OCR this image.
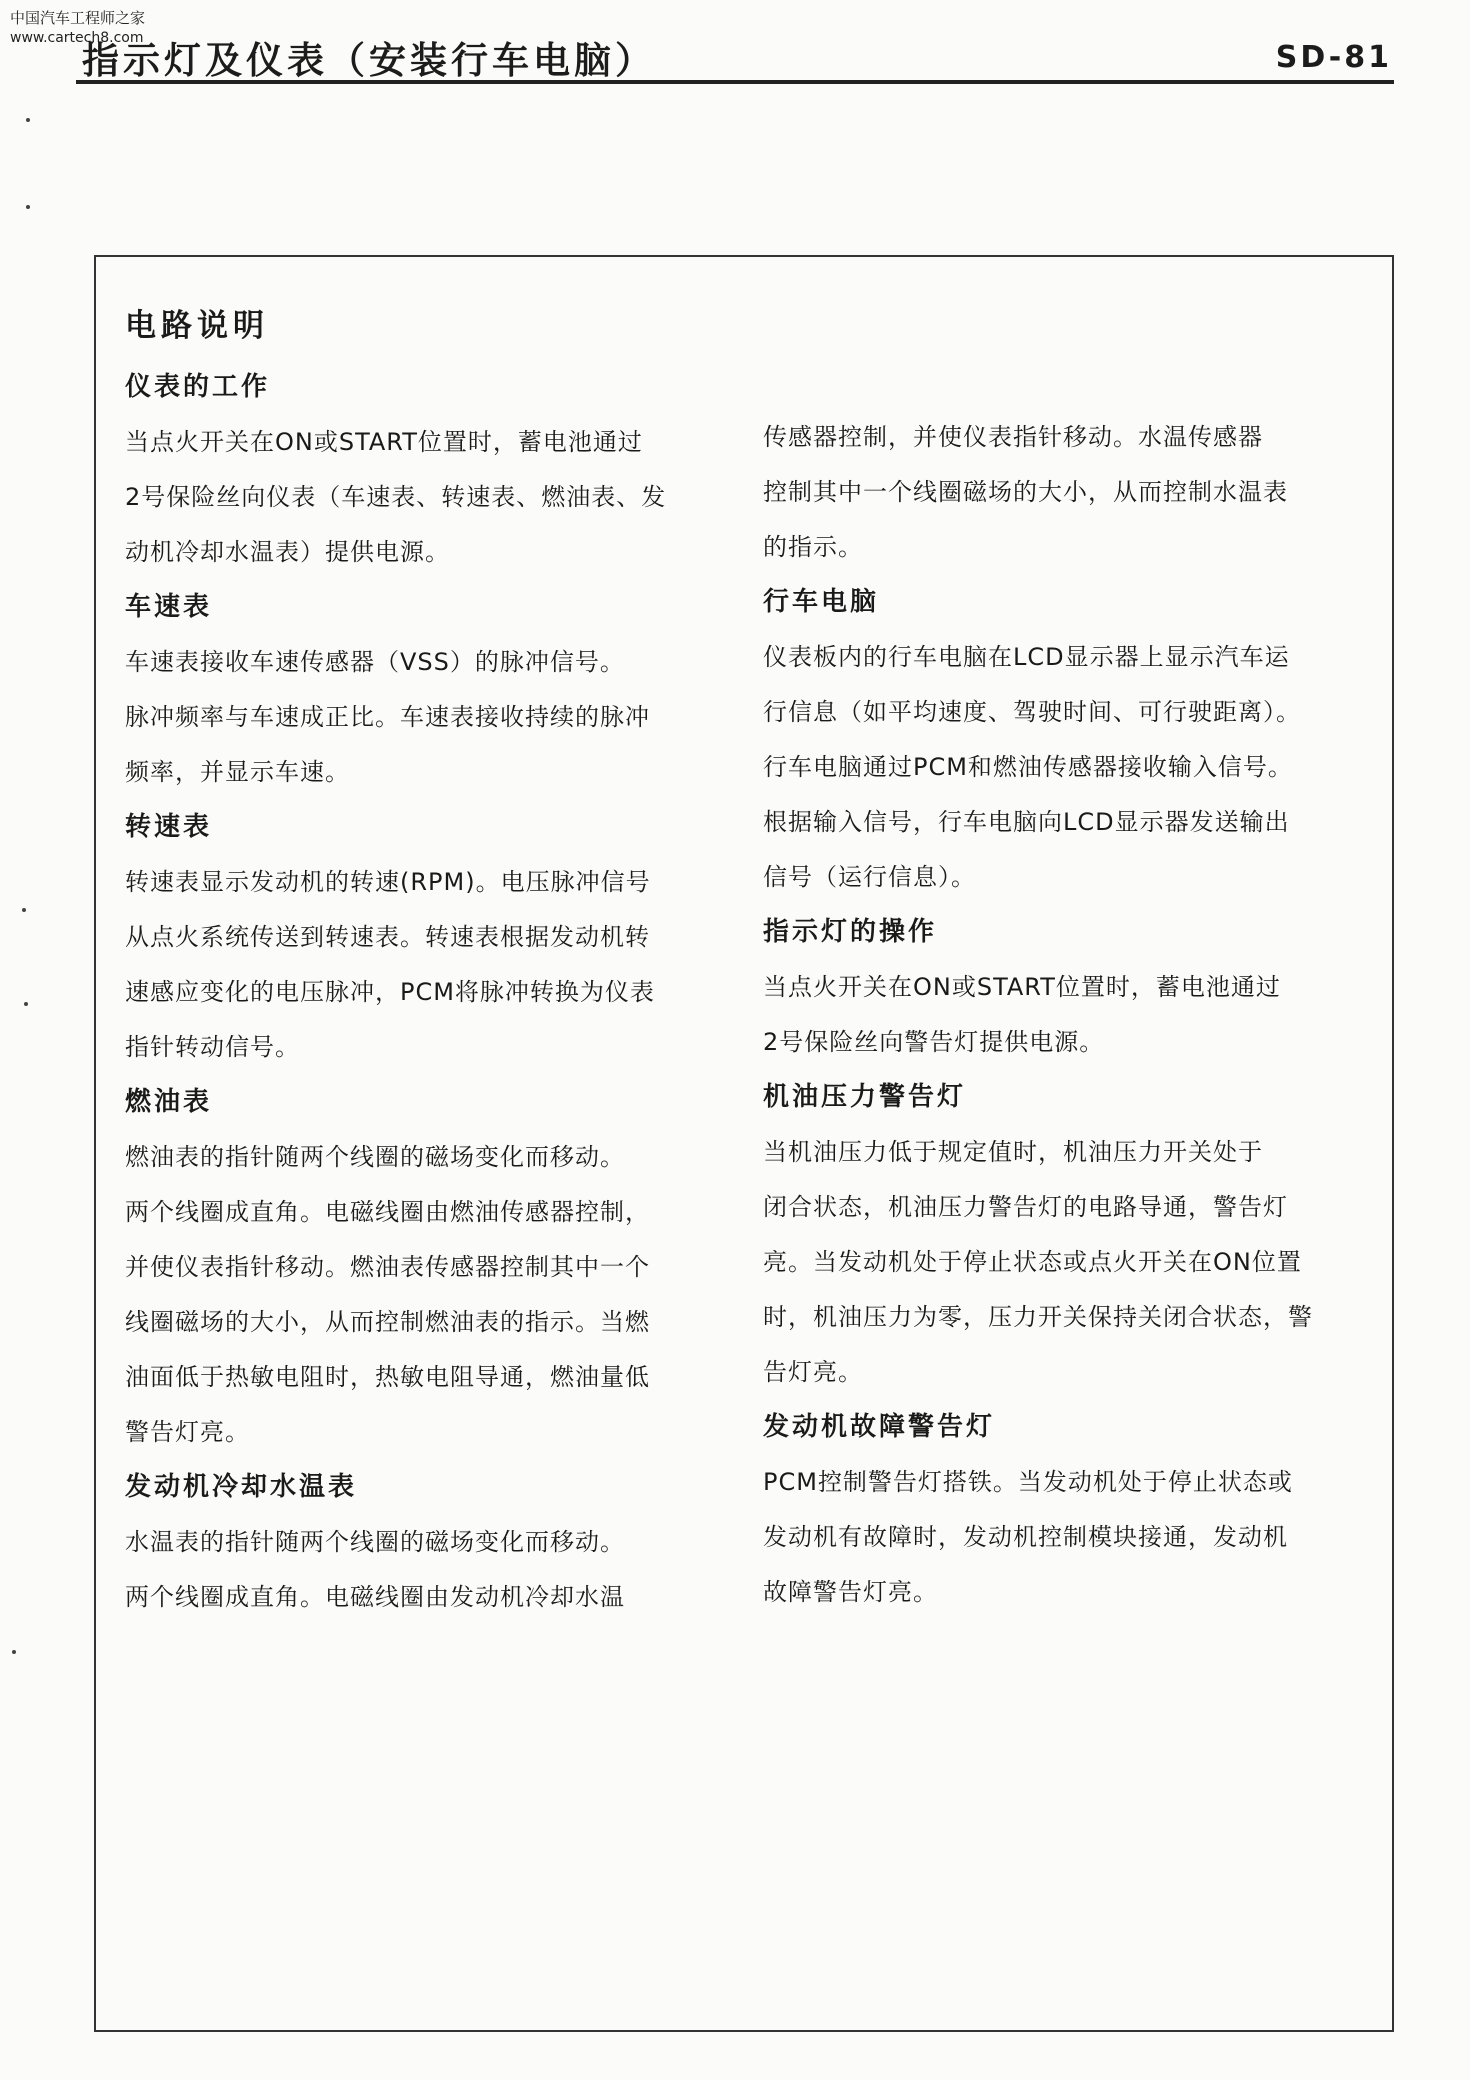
中国汽车工程师之家
www.cartech8.com
指示灯及仪表（安装行车电脑）	SD-81
电路说明
仪表的工作
当点火开关在ON或START位置时，蓄电池通过
2号保险丝向仪表（车速表、转速表、燃油表、发
动机冷却水温表）提供电源。
车速表
车速表接收车速传感器（VSS）的脉冲信号。
脉冲频率与车速成正比。车速表接收持续的脉冲
频率，并显示车速。
转速表
转速表显示发动机的转速(RPM)。电压脉冲信号
从点火系统传送到转速表。转速表根据发动机转
速感应变化的电压脉冲，PCM将脉冲转换为仪表
指针转动信号。
燃油表
燃油表的指针随两个线圈的磁场变化而移动。
两个线圈成直角。电磁线圈由燃油传感器控制，
并使仪表指针移动。燃油表传感器控制其中一个
线圈磁场的大小，从而控制燃油表的指示。当燃
油面低于热敏电阻时，热敏电阻导通，燃油量低
警告灯亮。
发动机冷却水温表
水温表的指针随两个线圈的磁场变化而移动。
两个线圈成直角。电磁线圈由发动机冷却水温
传感器控制，并使仪表指针移动。水温传感器
控制其中一个线圈磁场的大小，从而控制水温表
的指示。
行车电脑
仪表板内的行车电脑在LCD显示器上显示汽车运
行信息（如平均速度、驾驶时间、可行驶距离）。
行车电脑通过PCM和燃油传感器接收输入信号。
根据输入信号，行车电脑向LCD显示器发送输出
信号（运行信息）。
指示灯的操作
当点火开关在ON或START位置时，蓄电池通过
2号保险丝向警告灯提供电源。
机油压力警告灯
当机油压力低于规定值时，机油压力开关处于
闭合状态，机油压力警告灯的电路导通，警告灯
亮。当发动机处于停止状态或点火开关在ON位置
时，机油压力为零，压力开关保持关闭合状态，警
告灯亮。
发动机故障警告灯
PCM控制警告灯搭铁。当发动机处于停止状态或
发动机有故障时，发动机控制模块接通，发动机
故障警告灯亮。
